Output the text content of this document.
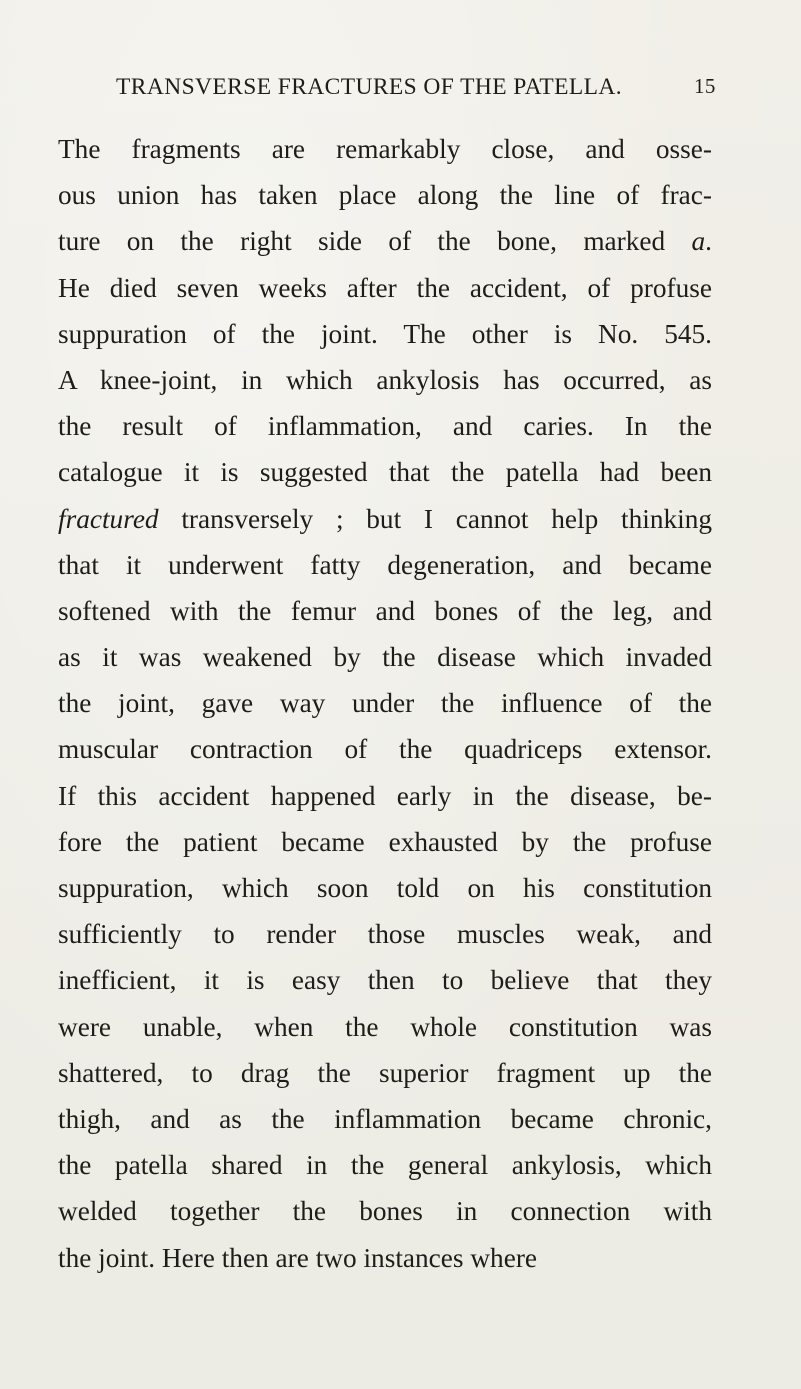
TRANSVERSE FRACTURES OF THE PATELLA.	15
The fragments are remarkably close, and osse-
ous union has taken place along the line of frac-
ture on the right side of the bone, marked a.
He died seven weeks after the accident, of profuse
suppuration of the joint. The other is No. 545.
A knee-joint, in which ankylosis has occurred, as
the result of inflammation, and caries. In the
catalogue it is suggested that the patella had been
fractured transversely ; but I cannot help thinking
that it underwent fatty degeneration, and became
softened with the femur and bones of the leg, and
as it was weakened by the disease which invaded
the joint, gave way under the influence of the
muscular contraction of the quadriceps extensor.
If this accident happened early in the disease, be-
fore the patient became exhausted by the profuse
suppuration, which soon told on his constitution
sufficiently to render those muscles weak, and
inefficient, it is easy then to believe that they
were unable, when the whole constitution was
shattered, to drag the superior fragment up the
thigh, and as the inflammation became chronic,
the patella shared in the general ankylosis, which
welded together the bones in connection with
the joint. Here then are two instances where
